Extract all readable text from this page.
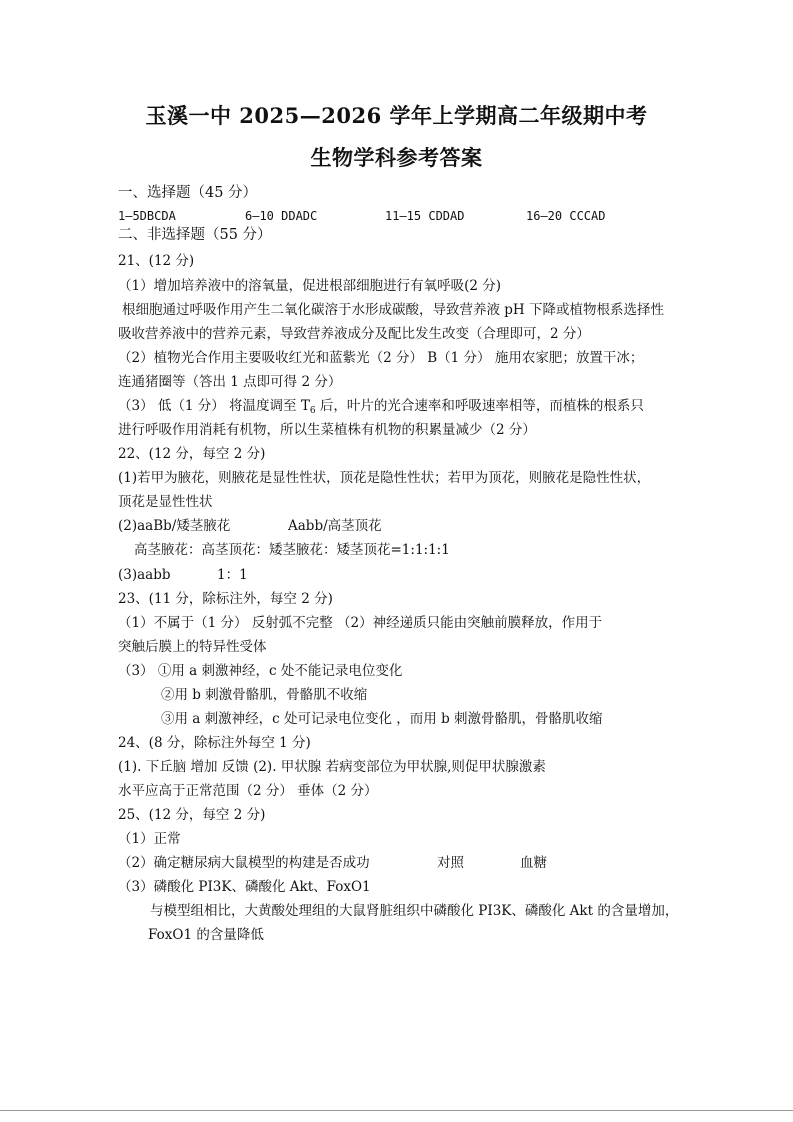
玉溪一中 2025—2026 学年上学期高二年级期中考
生物学科参考答案
一、选择题（45 分）
1—5DBCDA	6—10 DDADC	11—15 CDDAD	16—20 CCCAD
二、非选择题（55 分）
21、(12 分)
（1）增加培养液中的溶氧量，促进根部细胞进行有氧呼吸(2 分)
根细胞通过呼吸作用产生二氧化碳溶于水形成碳酸，导致营养液 pH 下降或植物根系选择性
吸收营养液中的营养元素，导致营养液成分及配比发生改变（合理即可，2 分）
（2）植物光合作用主要吸收红光和蓝紫光（2 分） B（1 分） 施用农家肥；放置干冰；
连通猪圈等（答出 1 点即可得 2 分）
（3） 低（1 分） 将温度调至 $T_6$ 后，叶片的光合速率和呼吸速率相等，而植株的根系只
进行呼吸作用消耗有机物，所以生菜植株有机物的积累量减少（2 分）
22、(12 分，每空 2 分)
(1)若甲为腋花，则腋花是显性性状，顶花是隐性性状；若甲为顶花，则腋花是隐性性状，
顶花是显性性状
(2)aaBb/矮茎腋花	Aabb/高茎顶花
高茎腋花：高茎顶花：矮茎腋花：矮茎顶花=1:1:1:1
(3)aabb	1：1
23、(11 分，除标注外，每空 2 分)
（1）不属于（1 分） 反射弧不完整 （2）神经递质只能由突触前膜释放，作用于
突触后膜上的特异性受体
（3） ①用 a 刺激神经，c 处不能记录电位变化
②用 b 刺激骨骼肌，骨骼肌不收缩
③用 a 刺激神经，c 处可记录电位变化 ，而用 b 刺激骨骼肌，骨骼肌收缩
24、(8 分，除标注外每空 1 分)
(1). 下丘脑 增加 反馈 (2). 甲状腺 若病变部位为甲状腺,则促甲状腺激素
水平应高于正常范围（2 分） 垂体（2 分）
25、(12 分，每空 2 分)
（1）正常
（2）确定糖尿病大鼠模型的构建是否成功	对照	血糖
（3）磷酸化 PI3K、磷酸化 Akt、FoxO1
与模型组相比，大黄酸处理组的大鼠肾脏组织中磷酸化 PI3K、磷酸化 Akt 的含量增加，
FoxO1 的含量降低
